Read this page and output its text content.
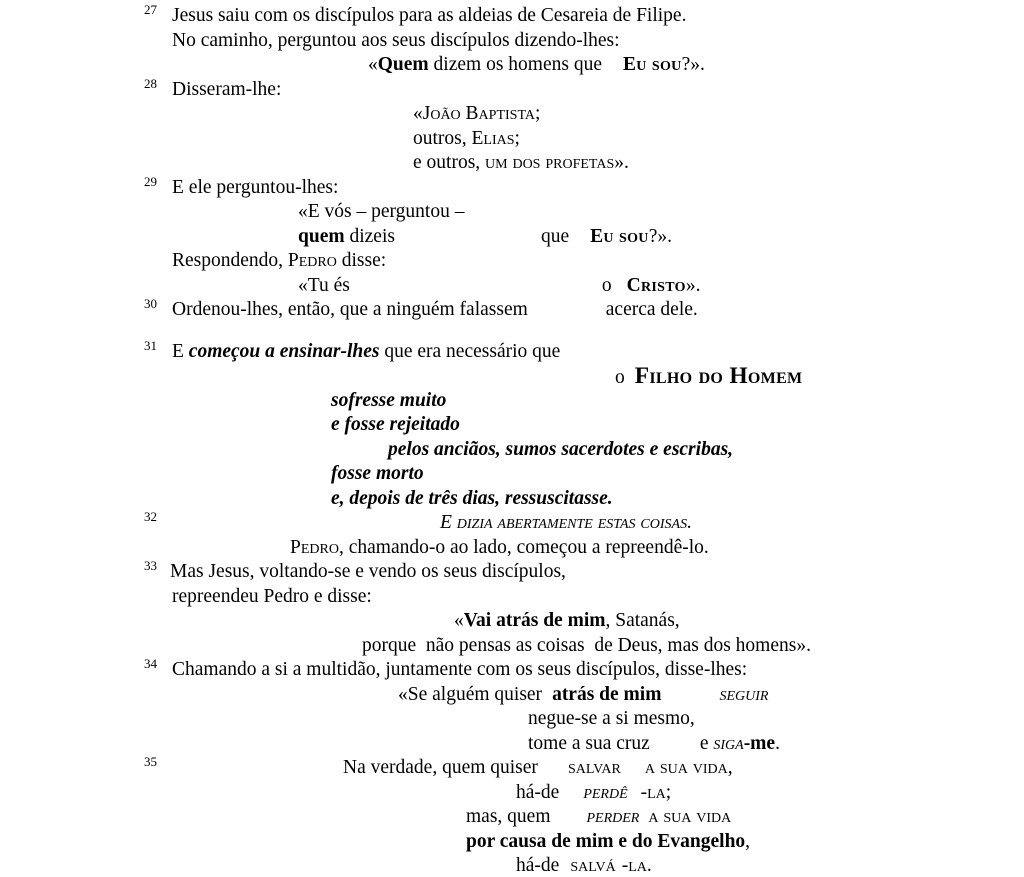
27 Jesus saiu com os discípulos para as aldeias de Cesareia de Filipe.
No caminho, perguntou aos seus discípulos dizendo-lhes:
«Quem dizem os homens que Eu sou?».
28 Disseram-lhe:
«João Baptista;
outros, Elias;
e outros, um dos profetas».
29 E ele perguntou-lhes:
«E vós – perguntou –
quem dizeis	que Eu sou?».
Respondendo, Pedro disse:
«Tu és	o Cristo».
30 Ordenou-lhes, então, que a ninguém falassem	acerca dele.
31 E começou a ensinar-lhes que era necessário que
o Filho do Homem
sofresse muito
e fosse rejeitado
pelos anciãos, sumos sacerdotes e escribas,
fosse morto
e, depois de três dias, ressuscitasse.
32	E dizia abertamente estas coisas.
Pedro, chamando-o ao lado, começou a repreendê-lo.
33 Mas Jesus, voltando-se e vendo os seus discípulos,
repreendeu Pedro e disse:
«Vai atrás de mim, Satanás,
porque  não pensas as coisas  de Deus, mas dos homens».
34 Chamando a si a multidão, juntamente com os seus discípulos, disse-lhes:
«Se alguém quiser atrás de mim	seguir
negue-se a si mesmo,
tome a sua cruz	e siga-me.
35	Na verdade, quem quiser salvar a sua vida,
há-de perdê -la;
mas, quem perder a sua vida
por causa de mim e do Evangelho,
há-de salvá -la.
